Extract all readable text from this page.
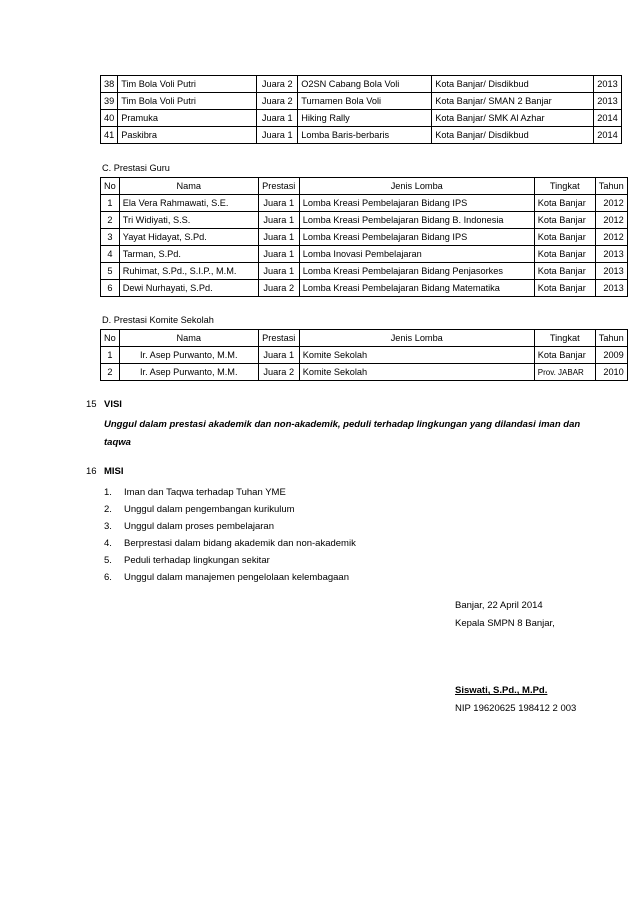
38	Tim Bola Voli Putri	Juara 2	O2SN Cabang Bola Voli	Kota Banjar/ Disdikbud	2013
39	Tim Bola Voli Putri	Juara 2	Turnamen Bola Voli	Kota Banjar/ SMAN 2 Banjar	2013
40	Pramuka	Juara 1	Hiking Rally	Kota Banjar/ SMK Al Azhar	2014
41	Paskibra	Juara 1	Lomba Baris-berbaris	Kota Banjar/ Disdikbud	2014
C. Prestasi Guru
No	Nama	Prestasi	Jenis Lomba	Tingkat	Tahun
1	Ela Vera Rahmawati, S.E.	Juara 1	Lomba Kreasi Pembelajaran Bidang IPS	Kota Banjar	2012
2	Tri Widiyati, S.S.	Juara 1	Lomba Kreasi Pembelajaran Bidang B. Indonesia	Kota Banjar	2012
3	Yayat Hidayat, S.Pd.	Juara 1	Lomba Kreasi Pembelajaran Bidang IPS	Kota Banjar	2012
4	Tarman, S.Pd.	Juara 1	Lomba Inovasi Pembelajaran	Kota Banjar	2013
5	Ruhimat, S.Pd., S.I.P., M.M.	Juara 1	Lomba Kreasi Pembelajaran Bidang Penjasorkes	Kota Banjar	2013
6	Dewi Nurhayati, S.Pd.	Juara 2	Lomba Kreasi Pembelajaran Bidang Matematika	Kota Banjar	2013
D. Prestasi Komite Sekolah
No	Nama	Prestasi	Jenis Lomba	Tingkat	Tahun
1	Ir. Asep Purwanto, M.M.	Juara 1	Komite Sekolah	Kota Banjar	2009
2	Ir. Asep Purwanto, M.M.	Juara 2	Komite Sekolah	Prov. JABAR	2010
15 VISI
Unggul dalam prestasi akademik dan non-akademik, peduli terhadap lingkungan yang dilandasi iman dan taqwa
16 MISI
1.	Iman dan Taqwa terhadap Tuhan YME
2.	Unggul dalam pengembangan kurikulum
3.	Unggul dalam proses pembelajaran
4.	Berprestasi dalam bidang akademik dan non-akademik
5.	Peduli terhadap lingkungan sekitar
6.	Unggul dalam manajemen pengelolaan kelembagaan
Banjar, 22 April 2014
Kepala SMPN 8 Banjar,
Siswati, S.Pd., M.Pd.
NIP 19620625 198412 2 003
